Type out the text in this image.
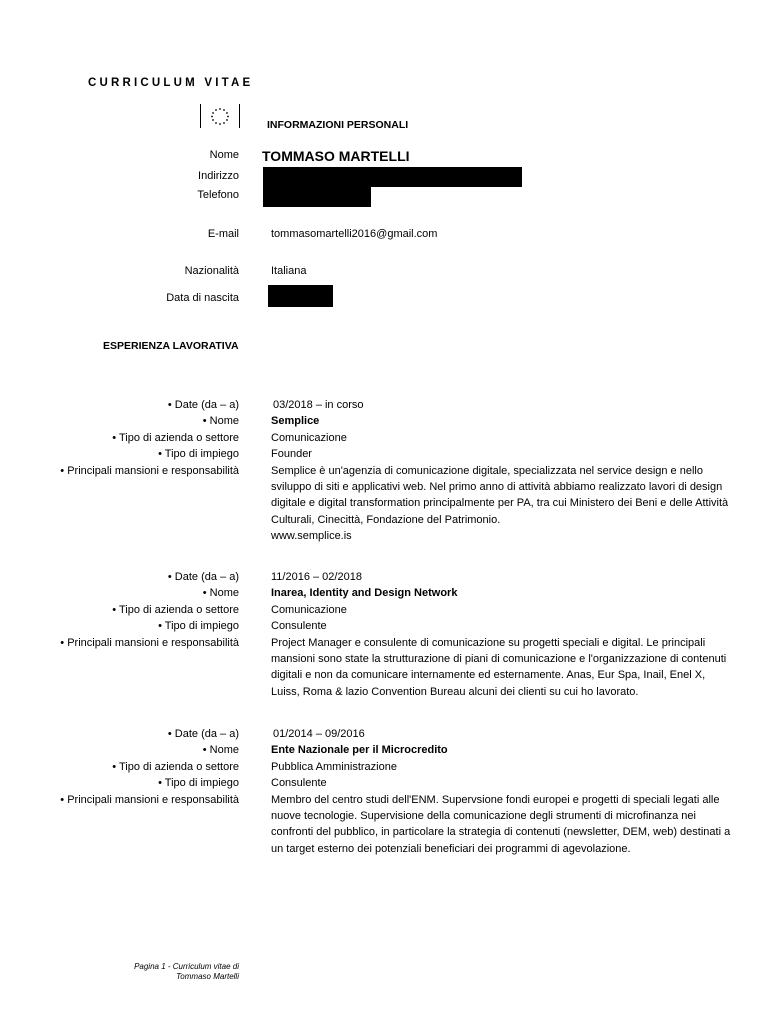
CURRICULUM VITAE
INFORMAZIONI PERSONALI
Nome TOMMASO MARTELLI
Indirizzo
Telefono
E-mail	tommasomartelli2016@gmail.com
Nazionalità	Italiana
Data di nascita
ESPERIENZA LAVORATIVA
• Date (da – a)
• Nome
• Tipo di azienda o settore
• Tipo di impiego
• Principali mansioni e responsabilità
03/2018 – in corso
Semplice
Comunicazione
Founder
Semplice è un'agenzia di comunicazione digitale, specializzata nel service design e nello sviluppo di siti e applicativi web. Nel primo anno di attività abbiamo realizzato lavori di design digitale e digital transformation principalmente per PA, tra cui Ministero dei Beni e delle Attività Culturali, Cinecittà, Fondazione del Patrimonio.
www.semplice.is
• Date (da – a)
• Nome
• Tipo di azienda o settore
• Tipo di impiego
• Principali mansioni e responsabilità
11/2016 – 02/2018
Inarea, Identity and Design Network
Comunicazione
Consulente
Project Manager e consulente di comunicazione su progetti speciali e digital. Le principali mansioni sono state la strutturazione di piani di comunicazione e l'organizzazione di contenuti digitali e non da comunicare internamente ed esternamente. Anas, Eur Spa, Inail, Enel X, Luiss, Roma & lazio Convention Bureau alcuni dei clienti su cui ho lavorato.
• Date (da – a)
• Nome
• Tipo di azienda o settore
• Tipo di impiego
• Principali mansioni e responsabilità
01/2014 – 09/2016
Ente Nazionale per il Microcredito
Pubblica Amministrazione
Consulente
Membro del centro studi dell'ENM. Supervsione fondi europei e progetti di speciali legati alle nuove tecnologie. Supervisione della comunicazione degli strumenti di microfinanza nei confronti del pubblico, in particolare la strategia di contenuti (newsletter, DEM, web) destinati a un target esterno dei potenziali beneficiari dei programmi di agevolazione.
Pagina 1 - Curriculum vitae di
Tommaso Martelli
